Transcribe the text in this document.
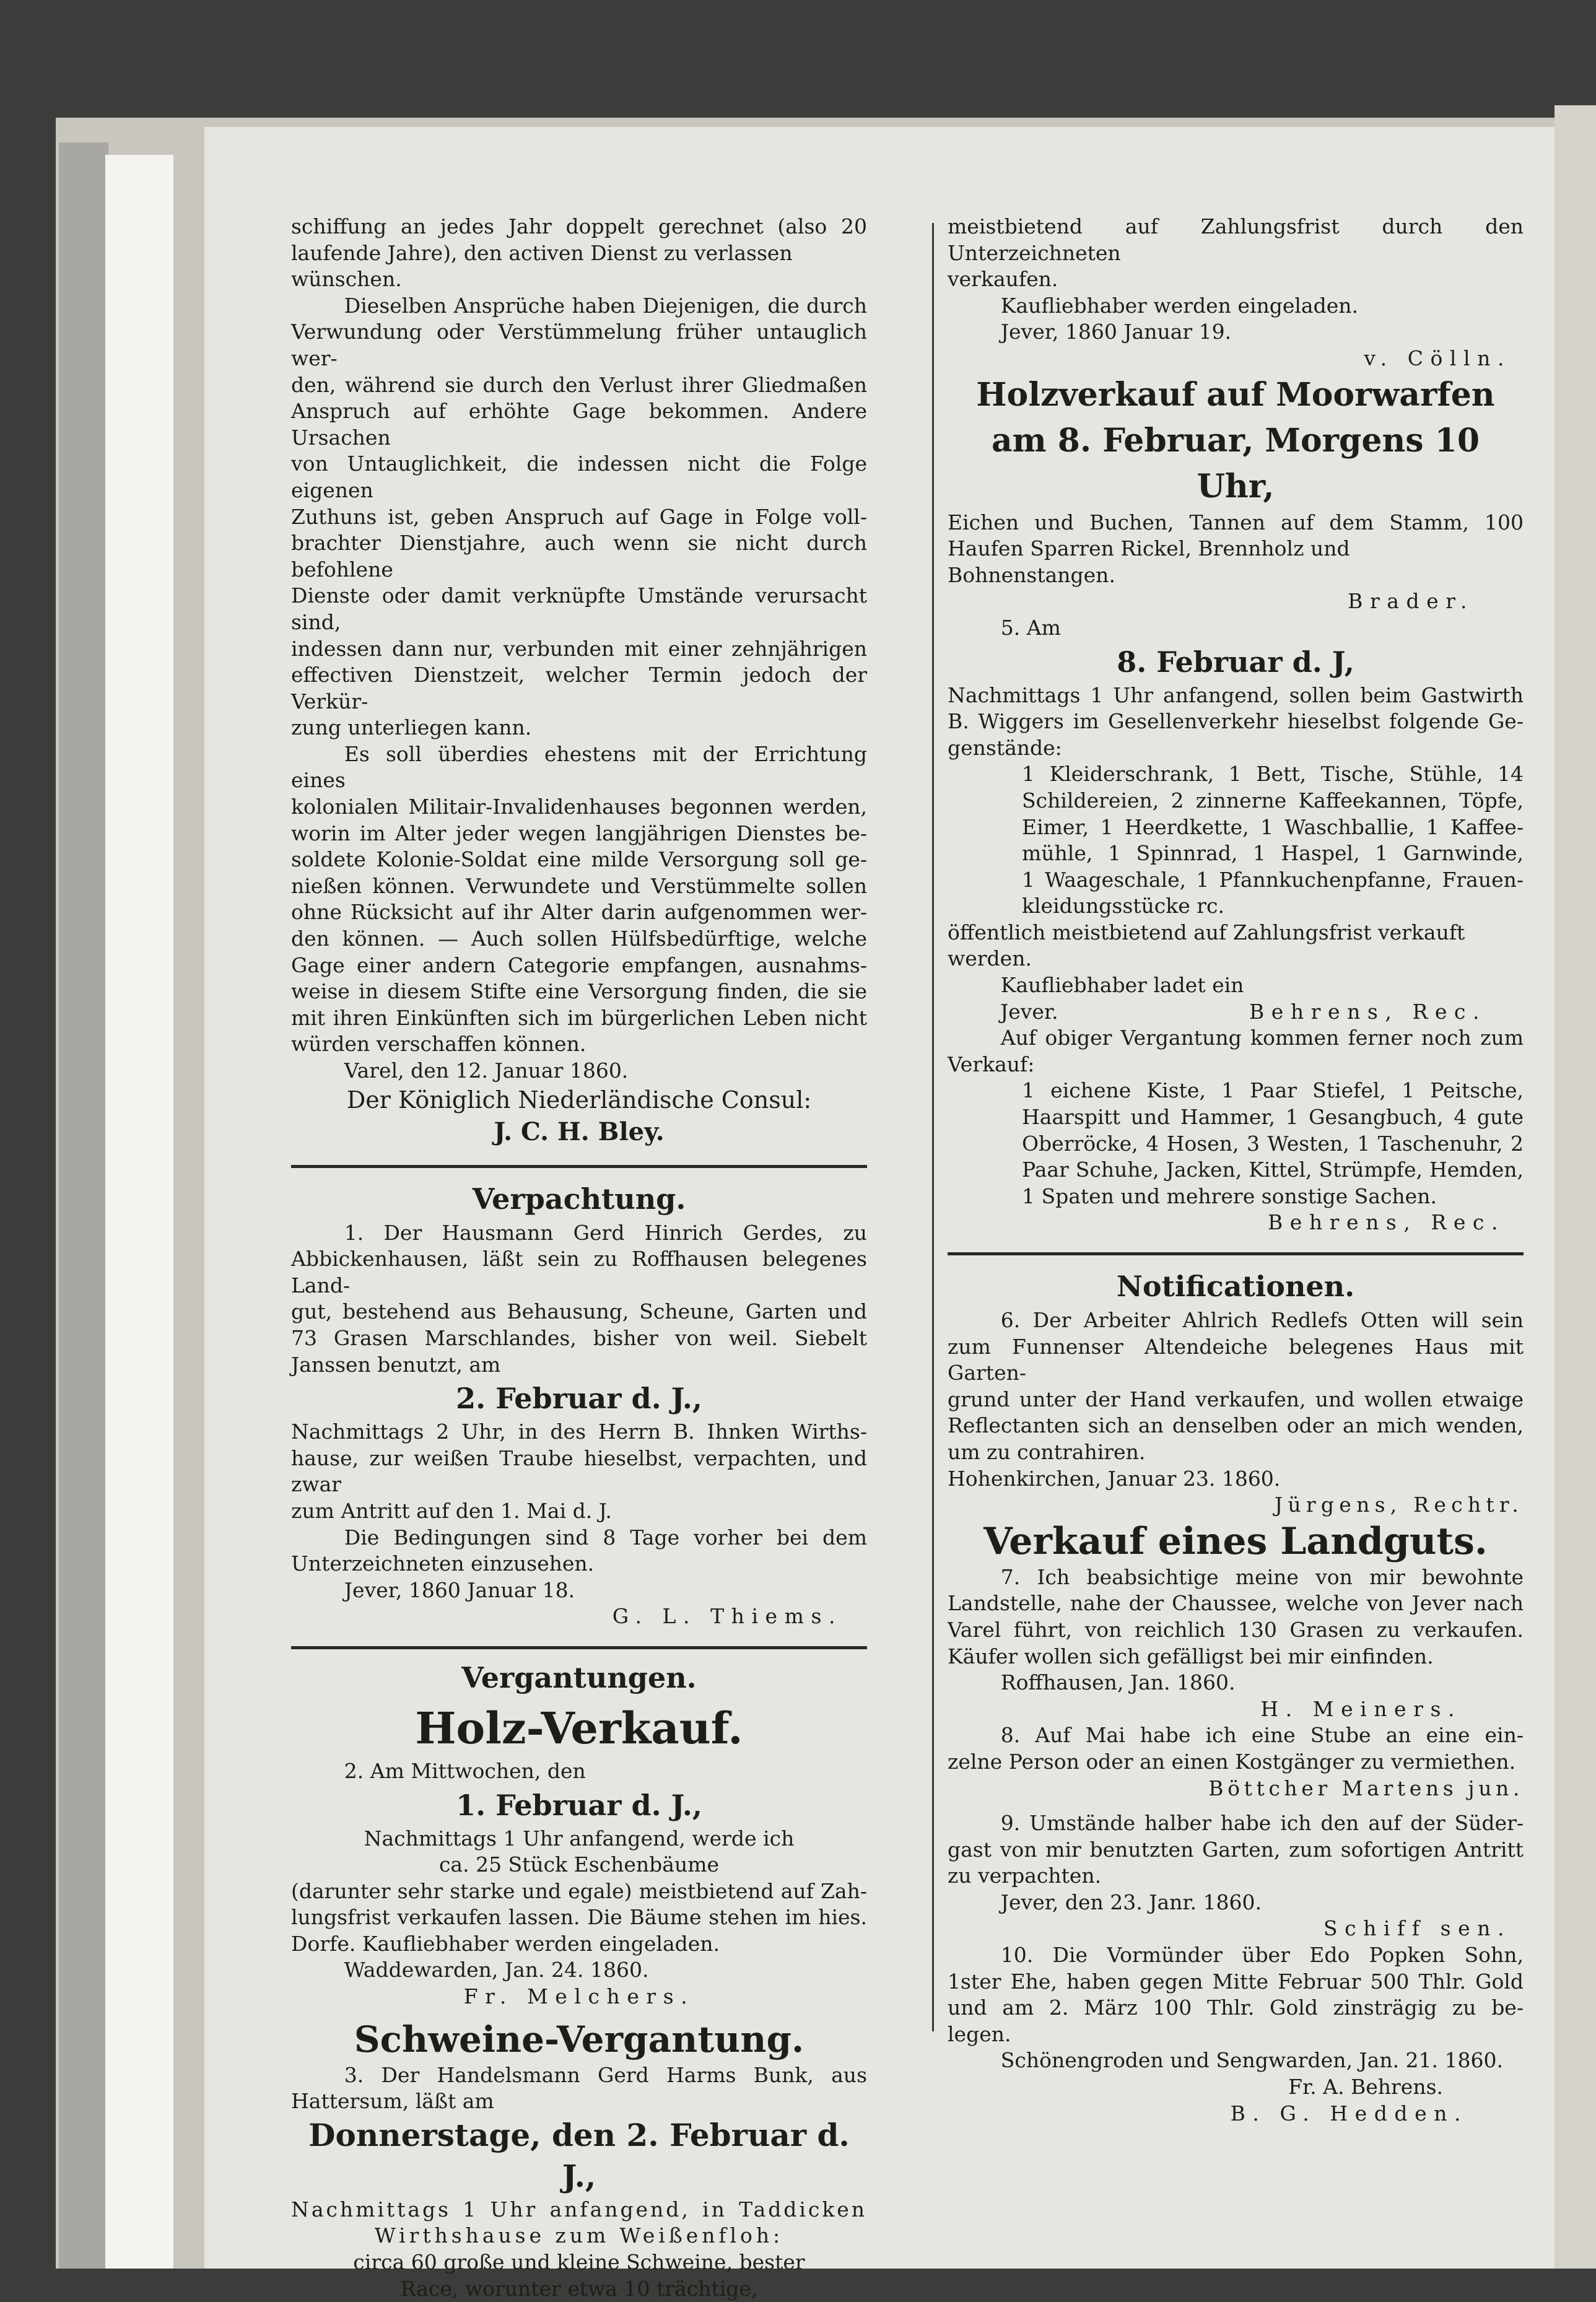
schiffung an jedes Jahr doppelt gerechnet (also 20

laufende Jahre), den activen Dienst zu verlassen wünschen.

Dieselben Ansprüche haben Diejenigen, die durch

Verwundung oder Verstümmelung früher untauglich wer-

den, während sie durch den Verlust ihrer Gliedmaßen

Anspruch auf erhöhte Gage bekommen. Andere Ursachen

von Untauglichkeit, die indessen nicht die Folge eigenen

Zuthuns ist, geben Anspruch auf Gage in Folge voll-

brachter Dienstjahre, auch wenn sie nicht durch befohlene

Dienste oder damit verknüpfte Umstände verursacht sind,

indessen dann nur, verbunden mit einer zehnjährigen

effectiven Dienstzeit, welcher Termin jedoch der Verkür-

zung unterliegen kann.

Es soll überdies ehestens mit der Errichtung eines

kolonialen Militair-Invalidenhauses begonnen werden,

worin im Alter jeder wegen langjährigen Dienstes be-

soldete Kolonie-Soldat eine milde Versorgung soll ge-

nießen können. Verwundete und Verstümmelte sollen

ohne Rücksicht auf ihr Alter darin aufgenommen wer-

den können. — Auch sollen Hülfsbedürftige, welche

Gage einer andern Categorie empfangen, ausnahms-

weise in diesem Stifte eine Versorgung finden, die sie

mit ihren Einkünften sich im bürgerlichen Leben nicht

würden verschaffen können.

Varel, den 12. Januar 1860.

Der Königlich Niederländische Consul:

J. C. H. Bley.

Verpachtung.

1. Der Hausmann Gerd Hinrich Gerdes, zu

Abbickenhausen, läßt sein zu Roffhausen belegenes Land-

gut, bestehend aus Behausung, Scheune, Garten und

73 Grasen Marschlandes, bisher von weil. Siebelt

Janssen benutzt, am

2. Februar d. J.,

Nachmittags 2 Uhr, in des Herrn B. Ihnken Wirths-

hause, zur weißen Traube hieselbst, verpachten, und zwar

zum Antritt auf den 1. Mai d. J.

Die Bedingungen sind 8 Tage vorher bei dem

Unterzeichneten einzusehen.

Jever, 1860 Januar 18.

G. L. Thiems.

Vergantungen.

Holz-Verkauf.

2. Am Mittwochen, den

1. Februar d. J.,

Nachmittags 1 Uhr anfangend, werde ich

ca. 25 Stück Eschenbäume

(darunter sehr starke und egale) meistbietend auf Zah-

lungsfrist verkaufen lassen. Die Bäume stehen im hies.

Dorfe. Kaufliebhaber werden eingeladen.

Waddewarden, Jan. 24. 1860.

Fr. Melchers.

Schweine-Vergantung.

3. Der Handelsmann Gerd Harms Bunk, aus

Hattersum, läßt am

Donnerstage, den 2. Februar d. J.,

Nachmittags 1 Uhr anfangend, in Taddicken

Wirthshause zum Weißenfloh:

circa 60 große und kleine Schweine, bester

Race, worunter etwa 10 trächtige,

meistbietend auf Zahlungsfrist durch den Unterzeichneten

verkaufen.

Kaufliebhaber werden eingeladen.

Jever, 1860 Januar 19.

v. Cölln.

Holzverkauf auf Moorwarfen

am 8. Februar, Morgens 10 Uhr,

Eichen und Buchen, Tannen auf dem Stamm, 100

Haufen Sparren Rickel, Brennholz und Bohnenstangen.

Brader.

5. Am

8. Februar d. J,

Nachmittags 1 Uhr anfangend, sollen beim Gastwirth

B. Wiggers im Gesellenverkehr hieselbst folgende Ge-

genstände:

1 Kleiderschrank, 1 Bett, Tische, Stühle, 14

Schildereien, 2 zinnerne Kaffeekannen, Töpfe,

Eimer, 1 Heerdkette, 1 Waschballie, 1 Kaffee-

mühle, 1 Spinnrad, 1 Haspel, 1 Garnwinde,

1 Waageschale, 1 Pfannkuchenpfanne, Frauen-

kleidungsstücke rc.

öffentlich meistbietend auf Zahlungsfrist verkauft werden.

Kaufliebhaber ladet ein

Jever.	Behrens, Rec.

Auf obiger Vergantung kommen ferner noch zum

Verkauf:

1 eichene Kiste, 1 Paar Stiefel, 1 Peitsche,

Haarspitt und Hammer, 1 Gesangbuch, 4 gute

Oberröcke, 4 Hosen, 3 Westen, 1 Taschenuhr, 2

Paar Schuhe, Jacken, Kittel, Strümpfe, Hemden,

1 Spaten und mehrere sonstige Sachen.

Behrens, Rec.

Notificationen.

6. Der Arbeiter Ahlrich Redlefs Otten will sein

zum Funnenser Altendeiche belegenes Haus mit Garten-

grund unter der Hand verkaufen, und wollen etwaige

Reflectanten sich an denselben oder an mich wenden,

um zu contrahiren.

Hohenkirchen, Januar 23. 1860.

Jürgens, Rechtr.

Verkauf eines Landguts.

7. Ich beabsichtige meine von mir bewohnte

Landstelle, nahe der Chaussee, welche von Jever nach

Varel führt, von reichlich 130 Grasen zu verkaufen.

Käufer wollen sich gefälligst bei mir einfinden.

Roffhausen, Jan. 1860.

H. Meiners.

8. Auf Mai habe ich eine Stube an eine ein-

zelne Person oder an einen Kostgänger zu vermiethen.

Böttcher Martens jun.

9. Umstände halber habe ich den auf der Süder-

gast von mir benutzten Garten, zum sofortigen Antritt

zu verpachten.

Jever, den 23. Janr. 1860.

Schiff sen.

10. Die Vormünder über Edo Popken Sohn,

1ster Ehe, haben gegen Mitte Februar 500 Thlr. Gold

und am 2. März 100 Thlr. Gold zinsträgig zu be-

legen.

Schönengroden und Sengwarden, Jan. 21. 1860.

Fr. A. Behrens.

B. G. Hedden.
